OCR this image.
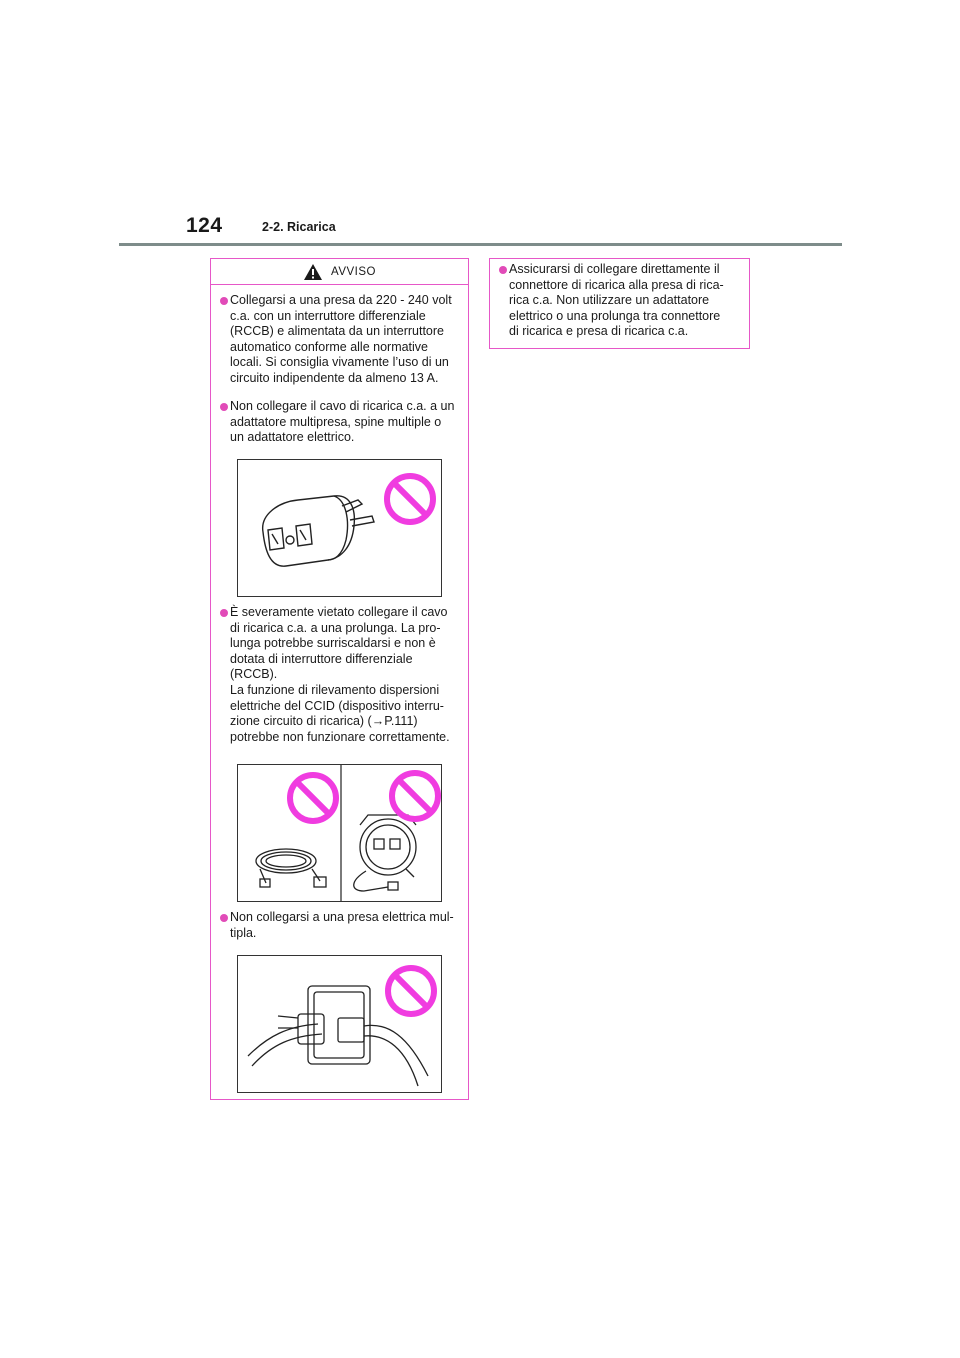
124	2-2. Ricarica
AVVISO
Collegarsi a una presa da 220 - 240 volt
c.a. con un interruttore differenziale
(RCCB) e alimentata da un interruttore
automatico conforme alle normative
locali. Si consiglia vivamente l’uso di un
circuito indipendente da almeno 13 A.
Non collegare il cavo di ricarica c.a. a un
adattatore multipresa, spine multiple o
un adattatore elettrico.
È severamente vietato collegare il cavo
di ricarica c.a. a una prolunga. La pro-
lunga potrebbe surriscaldarsi e non è
dotata di interruttore differenziale
(RCCB).
La funzione di rilevamento dispersioni
elettriche del CCID (dispositivo interru-
zione circuito di ricarica) (→P.111)
potrebbe non funzionare correttamente.
Non collegarsi a una presa elettrica mul-
tipla.
Assicurarsi di collegare direttamente il
connettore di ricarica alla presa di rica-
rica c.a. Non utilizzare un adattatore
elettrico o una prolunga tra connettore
di ricarica e presa di ricarica c.a.
